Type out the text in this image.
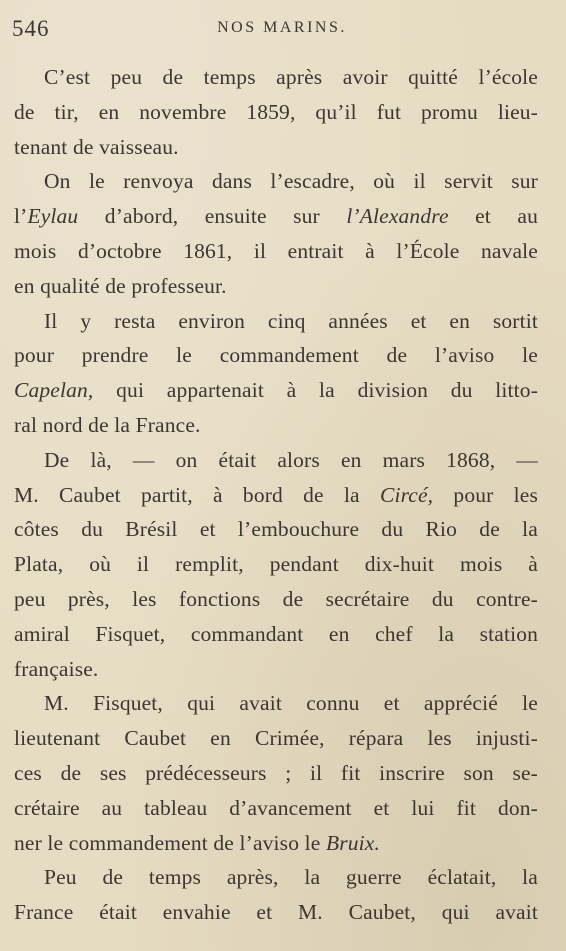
546	NOS MARINS.
C’est peu de temps après avoir quitté l’école
de tir, en novembre 1859, qu’il fut promu lieu-
tenant de vaisseau.
On le renvoya dans l’escadre, où il servit sur
l’Eylau d’abord, ensuite sur l’Alexandre et au
mois d’octobre 1861, il entrait à l’École navale
en qualité de professeur.
Il y resta environ cinq années et en sortit
pour prendre le commandement de l’aviso le
Capelan, qui appartenait à la division du litto-
ral nord de la France.
De là, — on était alors en mars 1868, —
M. Caubet partit, à bord de la Circé, pour les
côtes du Brésil et l’embouchure du Rio de la
Plata, où il remplit, pendant dix-huit mois à
peu près, les fonctions de secrétaire du contre-
amiral Fisquet, commandant en chef la station
française.
M. Fisquet, qui avait connu et apprécié le
lieutenant Caubet en Crimée, répara les injusti-
ces de ses prédécesseurs ; il fit inscrire son se-
crétaire au tableau d’avancement et lui fit don-
ner le commandement de l’aviso le Bruix.
Peu de temps après, la guerre éclatait, la
France était envahie et M. Caubet, qui avait
